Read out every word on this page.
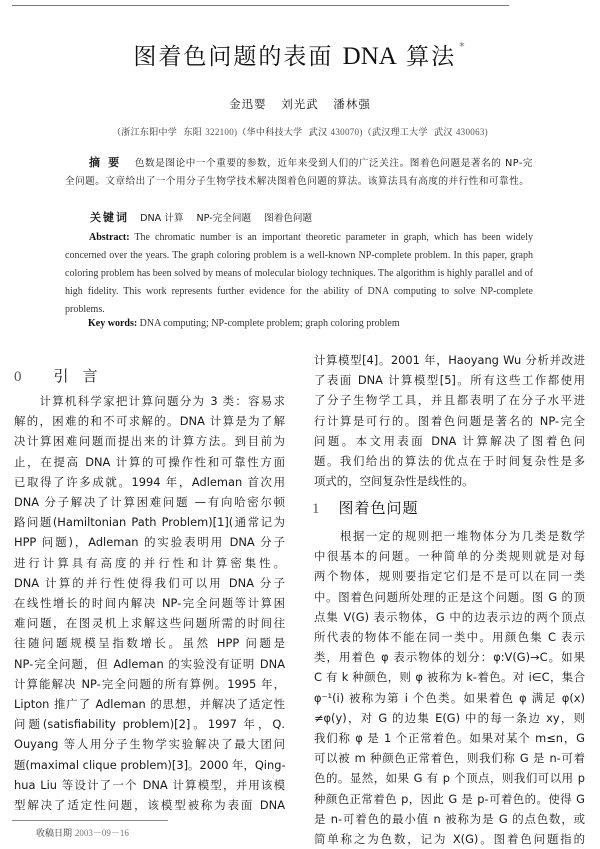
图着色问题的表面 DNA 算法 *
金迅婴 刘光武 潘林强
（浙江东阳中学 东阳 322100)（华中科技大学 武汉 430070)（武汉理工大学 武汉 430063)
摘要 色数是图论中一个重要的参数，近年来受到人们的广泛关注。图着色问题是著名的 NP-完全问题。文章给出了一个用分子生物学技术解决图着色问题的算法。该算法具有高度的并行性和可靠性。
关键词 DNA 计算 NP-完全问题 图着色问题
Abstract: The chromatic number is an important theoretic parameter in graph, which has been widely concerned over the years. The graph coloring problem is a well-known NP-complete problem. In this paper, graph coloring problem has been solved by means of molecular biology techniques. The algorithm is highly parallel and of high fidelity. This work represents further evidence for the ability of DNA computing to solve NP-complete problems.
Key words: DNA computing; NP-complete problem; graph coloring problem
0 引言
　　计算机科学家把计算问题分为 3 类：容易求
解的，困难的和不可求解的。DNA 计算是为了解
决计算困难问题而提出来的计算方法。到目前为
止，在提高 DNA 计算的可操作性和可靠性方面
已取得了许多成就。1994 年，Adleman 首次用
DNA 分子解决了计算困难问题 —有向哈密尔顿
路问题(Hamiltonian Path Problem)[1](通常记为
HPP 问题)，Adleman 的实验表明用 DNA 分子
进行计算具有高度的并行性和计算密集性。
DNA 计算的并行性使得我们可以用 DNA 分子
在线性增长的时间内解决 NP-完全问题等计算困
难问题，在图灵机上求解这些问题所需的时间往
往随问题规模呈指数增长。虽然 HPP 问题是
NP-完全问题，但 Adleman 的实验没有证明 DNA
计算能解决 NP-完全问题的所有算例。1995 年，
Lipton 推广了 Adleman 的思想，并解决了适定性
问题(satisfiability problem)[2]。1997 年，Q.
Ouyang 等人用分子生物学实验解决了最大团问
题(maximal clique problem)[3]。2000 年，Qing-
hua Liu 等设计了一个 DNA 计算模型，并用该模
型解决了适定性问题，该模型被称为表面 DNA
计算模型[4]。2001 年，Haoyang Wu 分析并改进
了表面 DNA 计算模型[5]。所有这些工作都使用
了分子生物学工具，并且都表明了在分子水平进
行计算是可行的。图着色问题是著名的 NP-完全
问题。本文用表面 DNA 计算解决了图着色问
题。我们给出的算法的优点在于时间复杂性是多
项式的，空间复杂性是线性的。
1 图着色问题
　　根据一定的规则把一堆物体分为几类是数学
中很基本的问题。一种简单的分类规则就是对每
两个物体，规则要指定它们是不是可以在同一类
中。图着色问题所处理的正是这个问题。图 G 的顶
点集 V(G) 表示物体，G 中的边表示边的两个顶点
所代表的物体不能在同一类中。用颜色集 C 表示
类，用着色 φ 表示物体的划分：φ:V(G)→C。如果
C 有 k 种颜色，则 φ 被称为 k-着色。对 i∈C，集合
φ⁻¹(i) 被称为第 i 个色类。如果着色 φ 满足 φ(x)
≠φ(y)，对 G 的边集 E(G) 中的每一条边 xy，则
我们称 φ 是 1 个正常着色。如果对某个 m≤n，G
可以被 m 种颜色正常着色，则我们称 G 是 n-可着
色的。显然，如果 G 有 p 个顶点，则我们可以用 p
种颜色正常着色 p，因此 G 是 p-可着色的。使得 G
是 n-可着色的最小值 n 被称为是 G 的点色数，或
简单称之为色数，记为 X(G)。图着色问题指的
收稿日期 2003－09－16
